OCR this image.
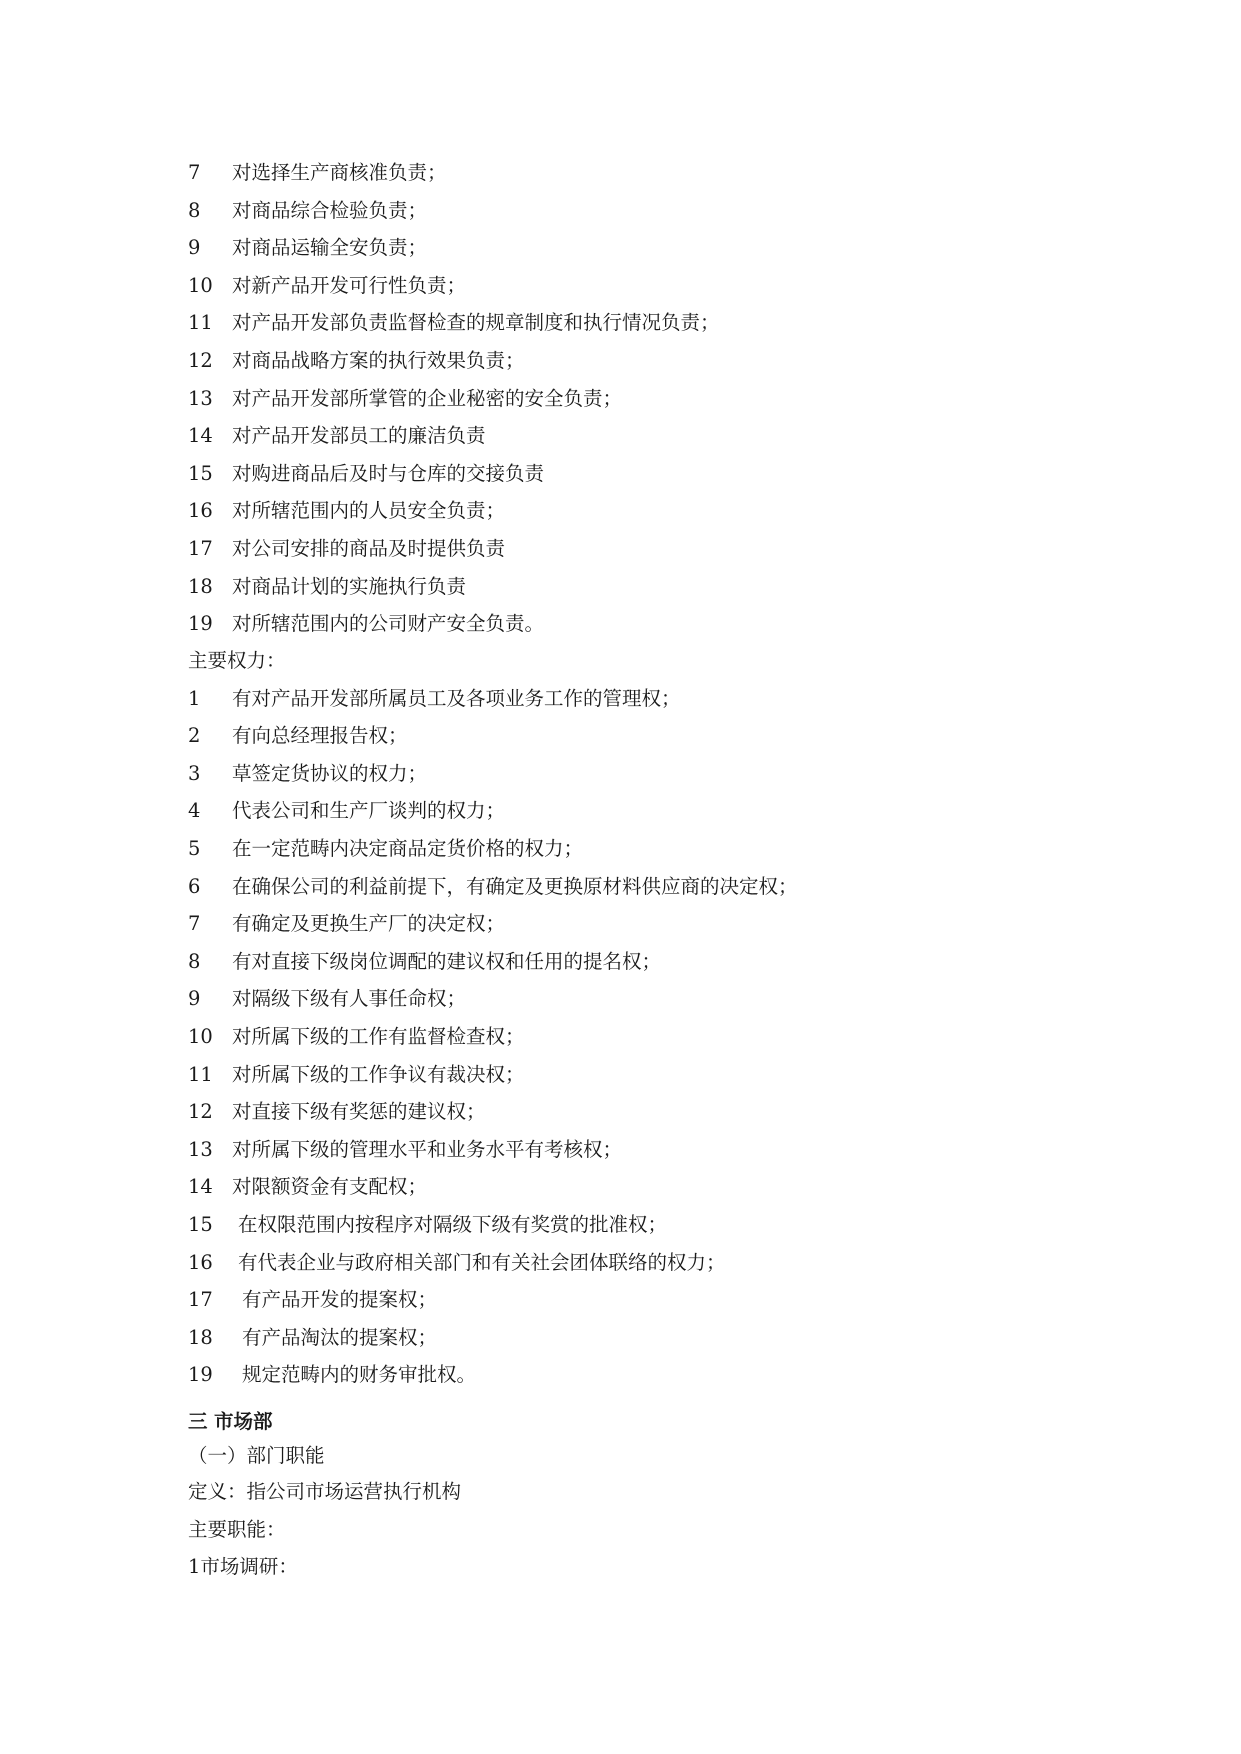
7 对选择生产商核准负责；
8 对商品综合检验负责；
9 对商品运输全安负责；
10 对新产品开发可行性负责；
11 对产品开发部负责监督检查的规章制度和执行情况负责；
12 对商品战略方案的执行效果负责；
13 对产品开发部所掌管的企业秘密的安全负责；
14 对产品开发部员工的廉洁负责
15 对购进商品后及时与仓库的交接负责
16 对所辖范围内的人员安全负责；
17 对公司安排的商品及时提供负责
18 对商品计划的实施执行负责
19 对所辖范围内的公司财产安全负责。
主要权力：
1 有对产品开发部所属员工及各项业务工作的管理权；
2 有向总经理报告权；
3 草签定货协议的权力；
4 代表公司和生产厂谈判的权力；
5 在一定范畴内决定商品定货价格的权力；
6 在确保公司的利益前提下，有确定及更换原材料供应商的决定权；
7 有确定及更换生产厂的决定权；
8 有对直接下级岗位调配的建议权和任用的提名权；
9 对隔级下级有人事任命权；
10 对所属下级的工作有监督检查权；
11 对所属下级的工作争议有裁决权；
12 对直接下级有奖惩的建议权；
13 对所属下级的管理水平和业务水平有考核权；
14 对限额资金有支配权；
15 在权限范围内按程序对隔级下级有奖赏的批准权；
16 有代表企业与政府相关部门和有关社会团体联络的权力；
17 有产品开发的提案权；
18 有产品淘汰的提案权；
19 规定范畴内的财务审批权。
三 市场部
（一）部门职能
定义：指公司市场运营执行机构
主要职能：
1市场调研：
